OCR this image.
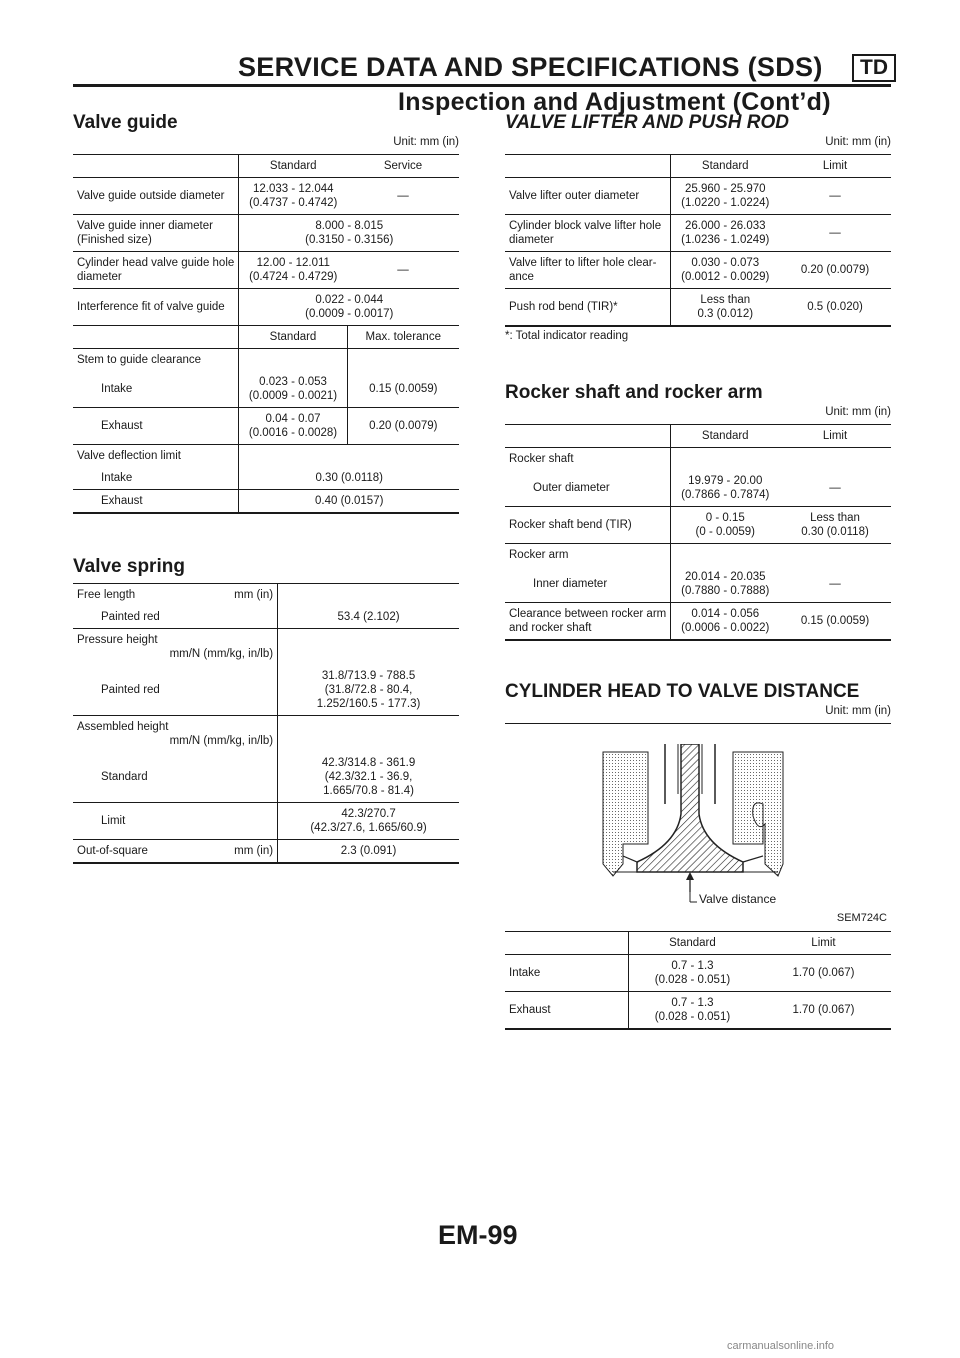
SERVICE DATA AND SPECIFICATIONS (SDS)	TD
Inspection and Adjustment (Cont’d)
Valve guide
Unit: mm (in)
	Standard	Service
Valve guide outside diameter	12.033 - 12.044
(0.4737 - 0.4742)	—
Valve guide inner diameter (Finished size)	8.000 - 8.015
(0.3150 - 0.3156)	
Cylinder head valve guide hole diameter	12.00 - 12.011
(0.4724 - 0.4729)	—
Interference fit of valve guide	0.022 - 0.044
(0.0009 - 0.0017)	
	Standard	Max. tolerance
Stem to guide clearance		
Intake	0.023 - 0.053
(0.0009 - 0.0021)	0.15 (0.0059)
Exhaust	0.04 - 0.07
(0.0016 - 0.0028)	0.20 (0.0079)
Valve deflection limit		
Intake	0.30 (0.0118)	
Exhaust	0.40 (0.0157)	
Valve spring
Free length mm (in)	

Painted red	53.4 (2.102)

Pressure height
mm/N (mm/kg, in/lb)	

Painted red	31.8/713.9 - 788.5
(31.8/72.8 - 80.4,
1.252/160.5 - 177.3)

Assembled height
mm/N (mm/kg, in/lb)	

Standard	42.3/314.8 - 361.9
(42.3/32.1 - 36.9,
1.665/70.8 - 81.4)
Limit	42.3/270.7
(42.3/27.6, 1.665/60.9)

Out-of-square mm (in)	2.3 (0.091)
VALVE LIFTER AND PUSH ROD
Unit: mm (in)
	Standard	Limit
Valve lifter outer diameter	25.960 - 25.970
(1.0220 - 1.0224)	—
Cylinder block valve lifter hole diameter	26.000 - 26.033
(1.0236 - 1.0249)	—
Valve lifter to lifter hole clear- ance	0.030 - 0.073
(0.0012 - 0.0029)	0.20 (0.0079)
Push rod bend (TIR)*	Less than
0.3 (0.012)	0.5 (0.020)
*: Total indicator reading
Rocker shaft and rocker arm
Unit: mm (in)
	Standard	Limit
Rocker shaft		
Outer diameter	19.979 - 20.00
(0.7866 - 0.7874)	—
Rocker shaft bend (TIR)	0 - 0.15
(0 - 0.0059)	Less than
0.30 (0.0118)
Rocker arm		
Inner diameter	20.014 - 20.035
(0.7880 - 0.7888)	—
Clearance between rocker arm and rocker shaft	0.014 - 0.056
(0.0006 - 0.0022)	0.15 (0.0059)
CYLINDER HEAD TO VALVE DISTANCE
Unit: mm (in)
Valve distance
SEM724C
	Standard	Limit
Intake	0.7 - 1.3
(0.028 - 0.051)	1.70 (0.067)
Exhaust	0.7 - 1.3
(0.028 - 0.051)	1.70 (0.067)
EM-99
carmanualsonline.info
